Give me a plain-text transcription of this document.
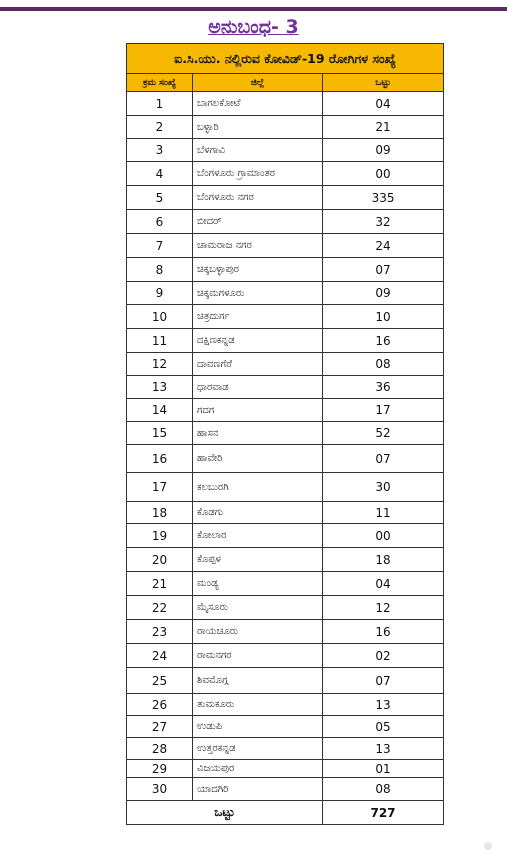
ಅನುಬಂಧ- 3
ಐ.ಸಿ.ಯು. ನಲ್ಲಿರುವ ಕೋವಿಡ್-19 ರೋಗಿಗಳ ಸಂಖ್ಯೆ		
ಕ್ರಮ ಸಂಖ್ಯೆ	ಜಿಲ್ಲೆ	ಒಟ್ಟು
1	ಬಾಗಲಕೋಟೆ	04
2	ಬಳ್ಳಾರಿ	21
3	ಬೆಳಗಾವಿ	09
4	ಬೆಂಗಳೂರು ಗ್ರಾಮಾಂತರ	00
5	ಬೆಂಗಳೂರು ನಗರ	335
6	ಬೀದರ್	32
7	ಚಾಮರಾಜ ನಗರ	24
8	ಚಿಕ್ಕಬಳ್ಳಾಪುರ	07
9	ಚಿಕ್ಕಮಗಳೂರು	09
10	ಚಿತ್ರದುರ್ಗ	10
11	ದಕ್ಷಿಣಕನ್ನಡ	16
12	ದಾವಣಗೆರೆ	08
13	ಧಾರವಾಡ	36
14	ಗದಗ	17
15	ಹಾಸನ	52
16	ಹಾವೇರಿ	07
17	ಕಲಬುರಗಿ	30
18	ಕೊಡಗು	11
19	ಕೋಲಾರ	00
20	ಕೊಪ್ಪಳ	18
21	ಮಂಡ್ಯ	04
22	ಮೈಸೂರು	12
23	ರಾಯಚೂರು	16
24	ರಾಮನಗರ	02
25	ಶಿವಮೊಗ್ಗ	07
26	ತುಮಕೂರು	13
27	ಉಡುಪಿ	05
28	ಉತ್ತರಕನ್ನಡ	13
29	ವಿಜಯಪುರ	01
30	ಯಾದಗಿರಿ	08
ಒಟ್ಟು		727
